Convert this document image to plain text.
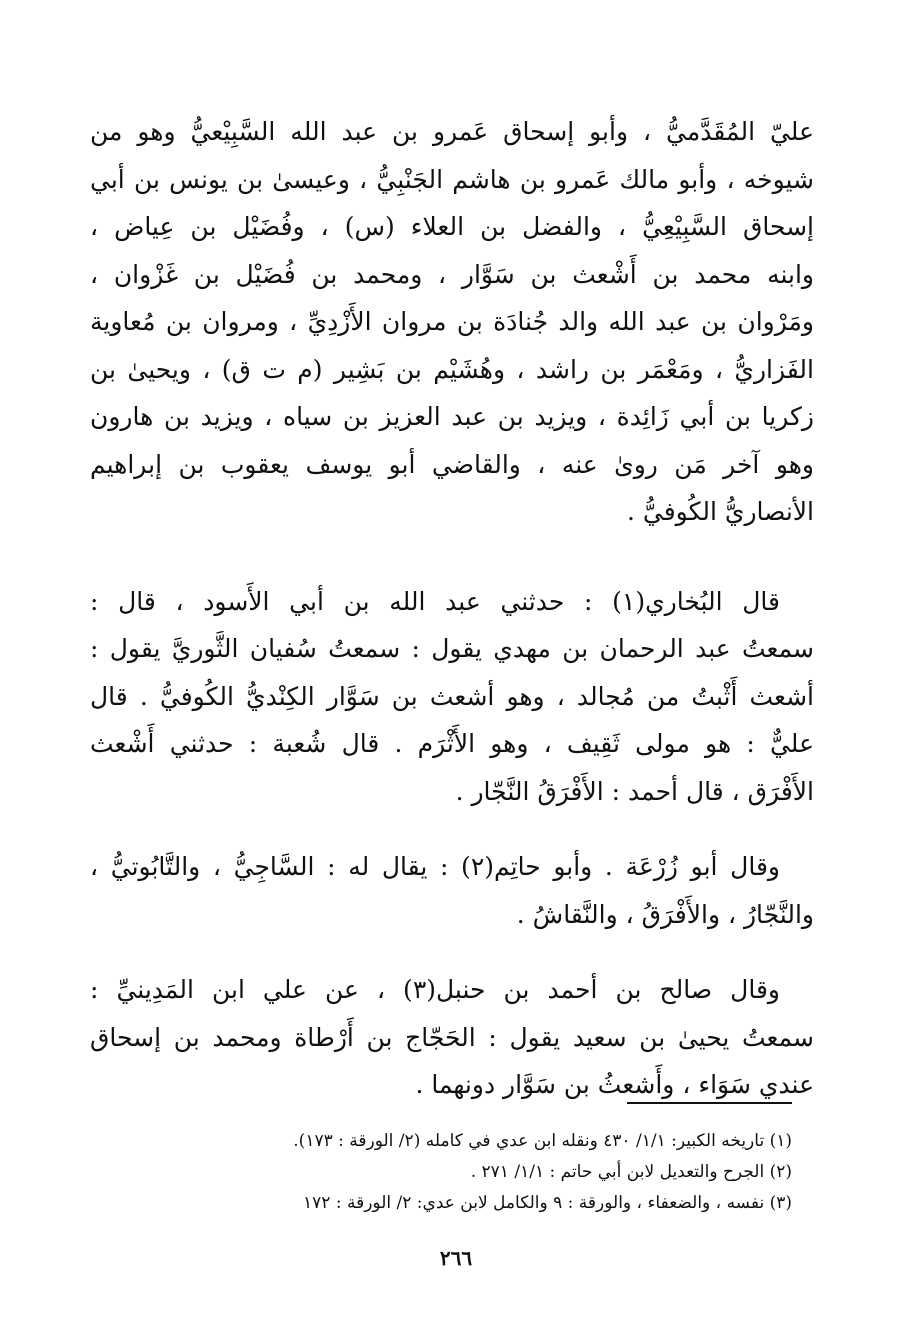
عليّ المُقَدَّميُّ ، وأبو إسحاق عَمرو بن عبد الله السَّبِيْعيُّ وهو من
شيوخه ، وأبو مالك عَمرو بن هاشم الجَنْبِيُّ ، وعيسىٰ بن يونس بن أبي
إسحاق السَّبِيْعِيُّ ، والفضل بن العلاء (س) ، وفُضَيْل بن عِياض ،
وابنه محمد بن أَشْعث بن سَوَّار ، ومحمد بن فُضَيْل بن غَزْوان ،
ومَرْوان بن عبد الله والد جُنادَة بن مروان الأَزْدِيِّ ، ومروان بن مُعاوية
الفَزاريُّ ، ومَعْمَر بن راشد ، وهُشَيْم بن بَشِير (م ت ق) ، ويحيىٰ بن
زكريا بن أبي زَائِدة ، ويزيد بن عبد العزيز بن سياه ، ويزيد بن هارون
وهو آخر مَن روىٰ عنه ، والقاضي أبو يوسف يعقوب بن إبراهيم
الأنصاريُّ الكُوفيُّ .
قال البُخاري(١) : حدثني عبد الله بن أبي الأَسود ، قال :
سمعتُ عبد الرحمان بن مهدي يقول : سمعتُ سُفيان الثَّوريَّ يقول :
أشعث أَثْبتُ من مُجالد ، وهو أشعث بن سَوَّار الكِنْديُّ الكُوفيُّ . قال
عليٌّ : هو مولى ثَقِيف ، وهو الأَثْرَم . قال شُعبة : حدثني أَشْعث
الأَفْرَق ، قال أحمد : الأَفْرَقُ النَّجّار .
وقال أبو زُرْعَة . وأبو حاتِم(٢) : يقال له : السَّاجِيُّ ، والتَّابُوتيُّ ،
والنَّجّارُ ، والأَفْرَقُ ، والنَّقاشُ .
وقال صالح بن أحمد بن حنبل(٣) ، عن علي ابن المَدِينيِّ :
سمعتُ يحيىٰ بن سعيد يقول : الحَجّاج بن أَرْطاة ومحمد بن إسحاق
عندي سَوَاء ، وأَشعثُ بن سَوَّار دونهما .
(١) تاريخه الكبير: ١/١/ ٤٣٠ ونقله ابن عدي في كامله (٢/ الورقة : ١٧٣).
(٢) الجرح والتعديل لابن أبي حاتم : ١/١/ ٢٧١ .
(٣) نفسه ، والضعفاء ، والورقة : ٩ والكامل لابن عدي: ٢/ الورقة : ١٧٢
٢٦٦
